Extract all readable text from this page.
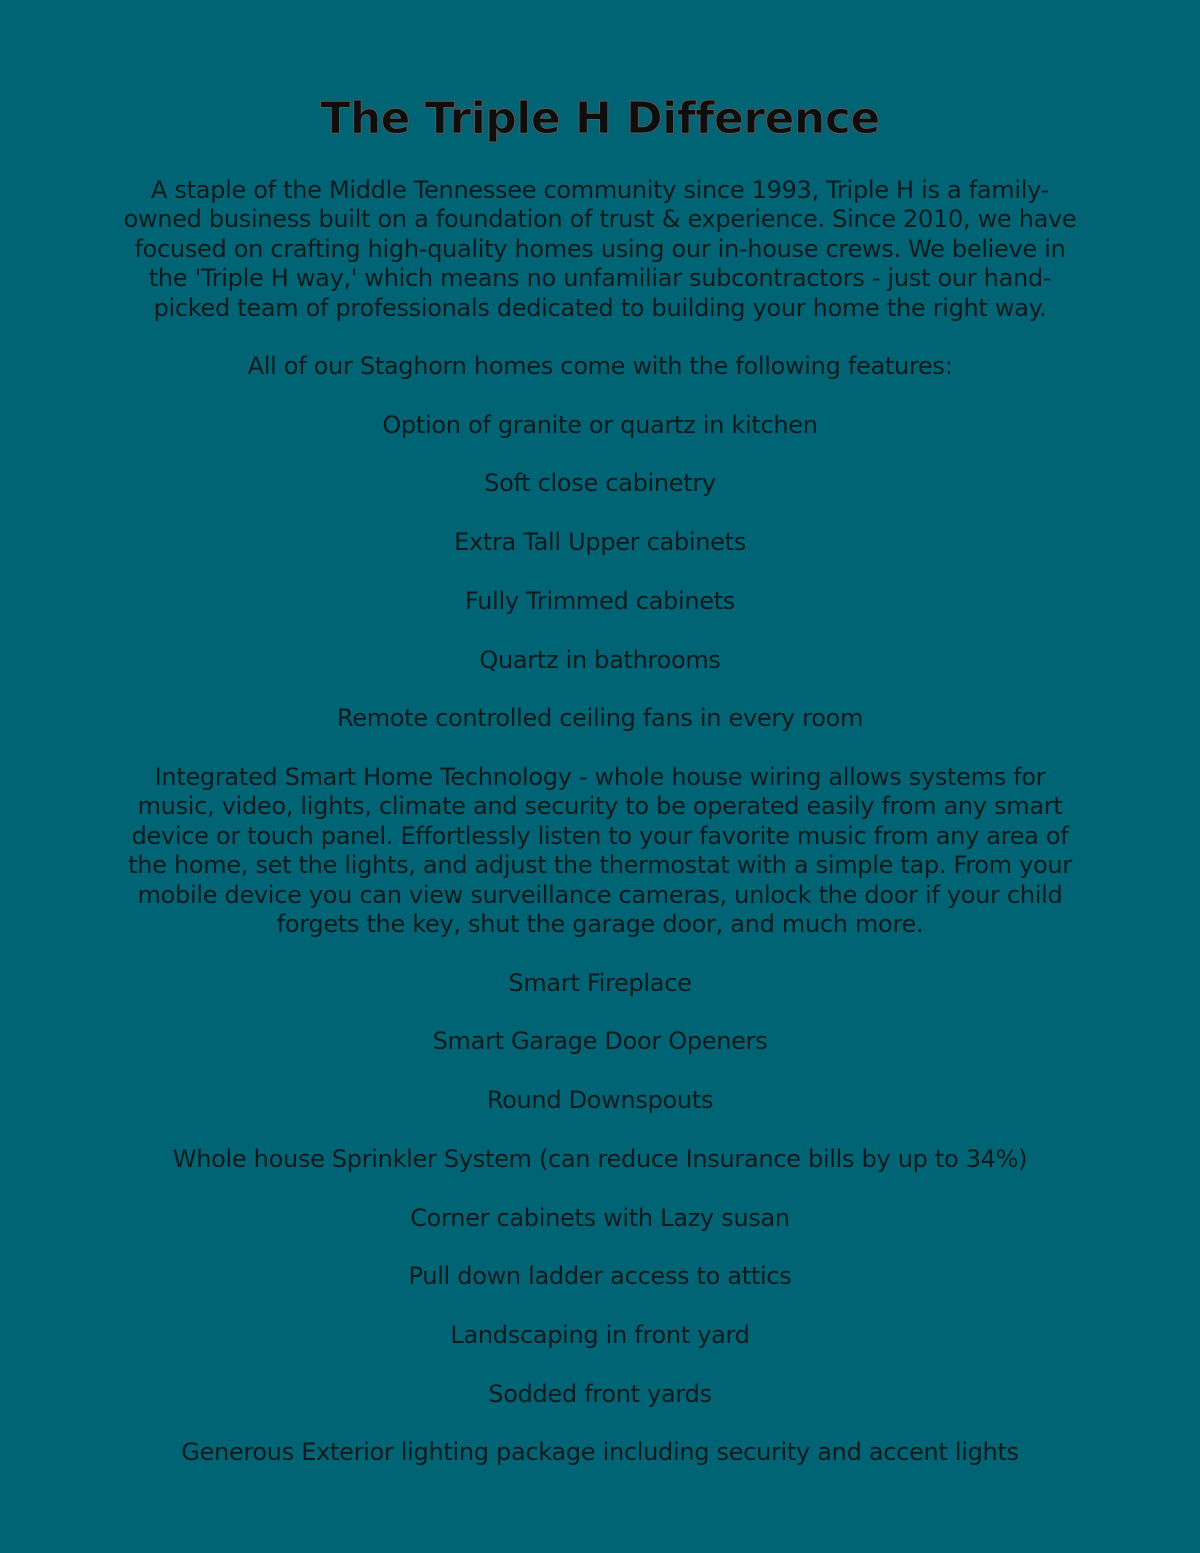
The Triple H Difference

A staple of the Middle Tennessee community since 1993, Triple H is a family-owned business built on a foundation of trust & experience. Since 2010, we have focused on crafting high-quality homes using our in-house crews. We believe in the 'Triple H way,' which means no unfamiliar subcontractors - just our hand-picked team of professionals dedicated to building your home the right way.

All of our Staghorn homes come with the following features:

Option of granite or quartz in kitchen
Soft close cabinetry
Extra Tall Upper cabinets
Fully Trimmed cabinets
Quartz in bathrooms
Remote controlled ceiling fans in every room
Integrated Smart Home Technology - whole house wiring allows systems for music, video, lights, climate and security to be operated easily from any smart device or touch panel. Effortlessly listen to your favorite music from any area of the home, set the lights, and adjust the thermostat with a simple tap. From your mobile device you can view surveillance cameras, unlock the door if your child forgets the key, shut the garage door, and much more.
Smart Fireplace
Smart Garage Door Openers
Round Downspouts
Whole house Sprinkler System (can reduce Insurance bills by up to 34%)
Corner cabinets with Lazy susan
Pull down ladder access to attics
Landscaping in front yard
Sodded front yards
Generous Exterior lighting package including security and accent lights
